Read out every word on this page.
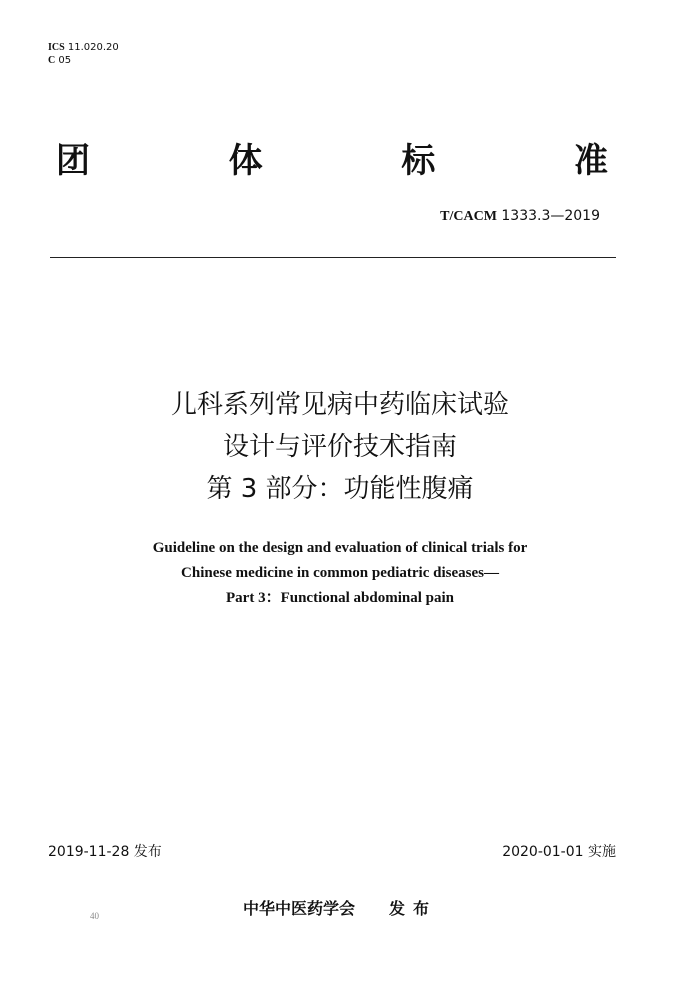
ICS 11.020.20
C 05
团	体	标	准
T/CACM 1333.3—2019
儿科系列常见病中药临床试验
设计与评价技术指南
第 3 部分：功能性腹痛
Guideline on the design and evaluation of clinical trials for
Chinese medicine in common pediatric diseases—
Part 3：Functional abdominal pain
2019-11-28 发布	2020-01-01 实施
40	中华中医药学会 发布
